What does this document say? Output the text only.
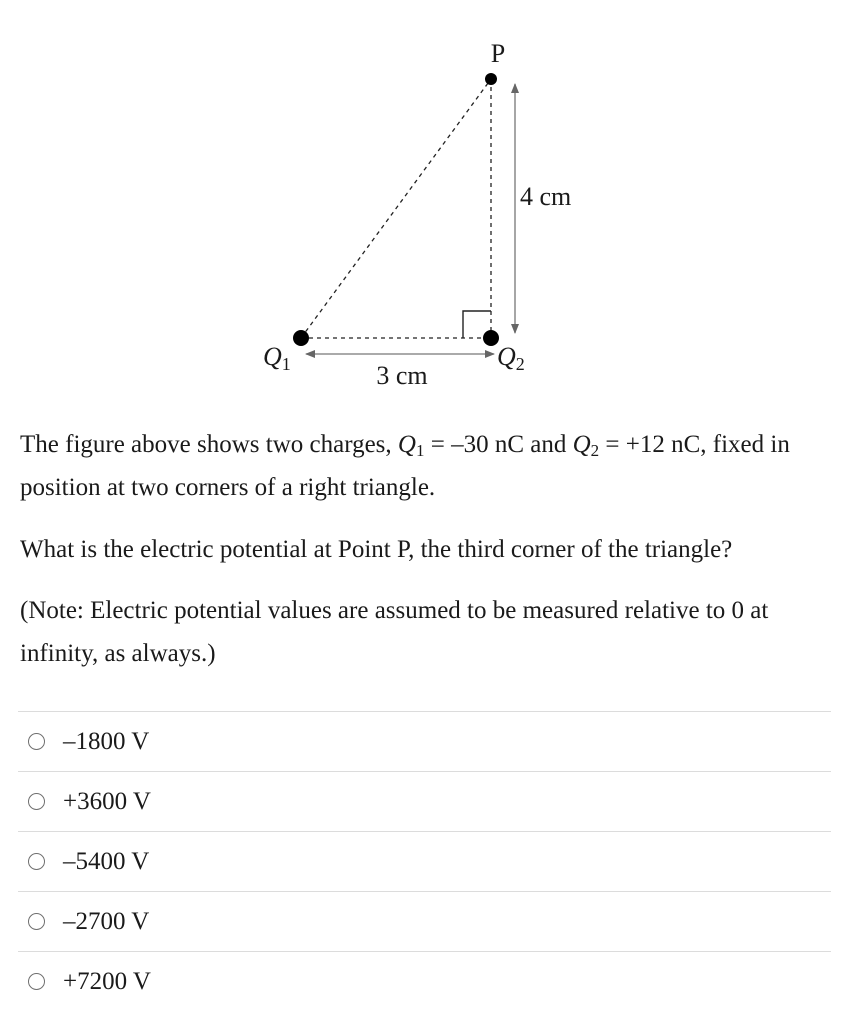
P
4 cm
3 cm
Q1	Q2

The figure above shows two charges, $Q_1 = -30$ nC and $Q_2 = +12$ nC, fixed in position at two corners of a right triangle.

What is the electric potential at Point P, the third corner of the triangle?

(Note: Electric potential values are assumed to be measured relative to 0 at infinity, as always.)

–1800 V
+3600 V
–5400 V
–2700 V
+7200 V
